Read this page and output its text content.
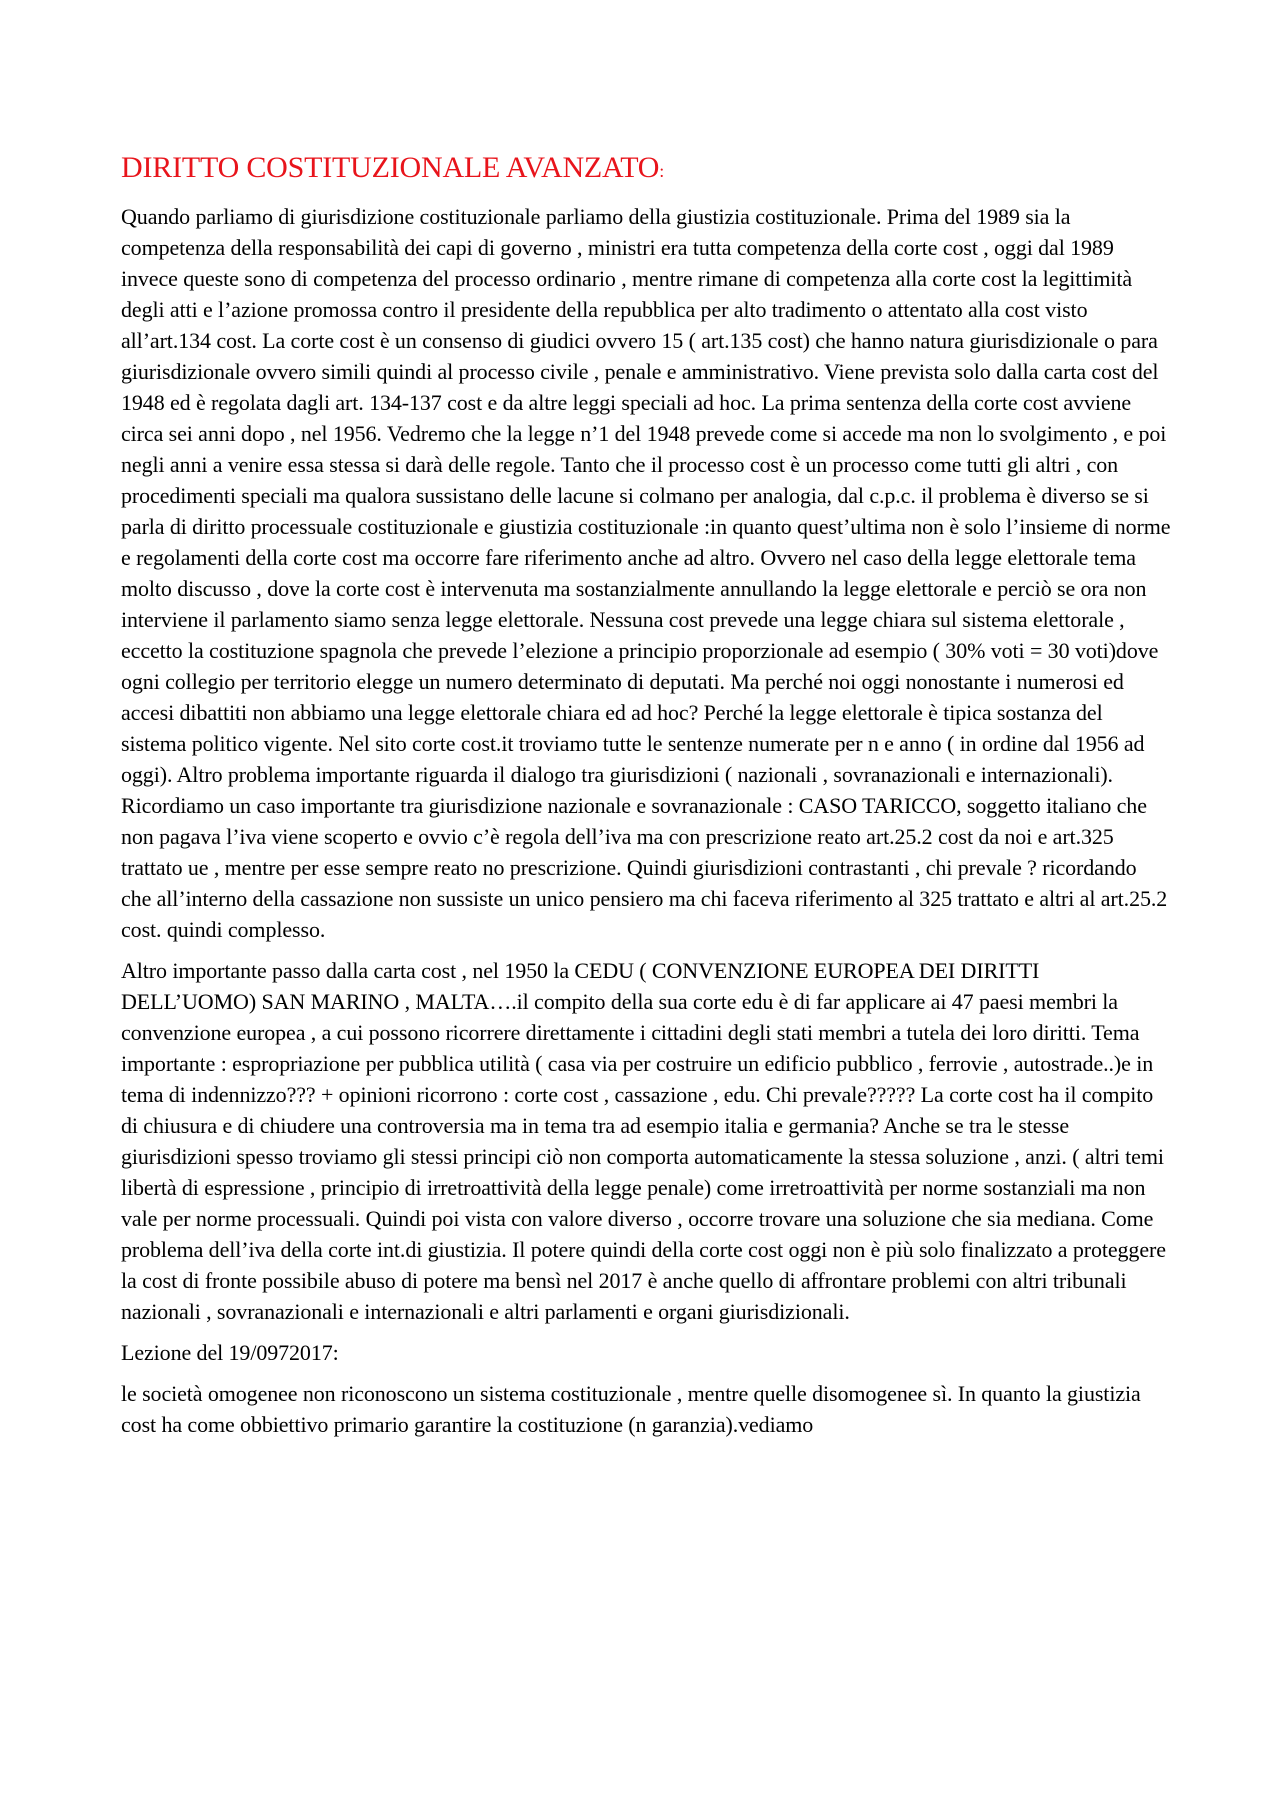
DIRITTO COSTITUZIONALE AVANZATO:

Quando parliamo di giurisdizione costituzionale parliamo della giustizia costituzionale. Prima del 1989 sia la competenza della responsabilità dei capi di governo , ministri era tutta competenza della corte cost , oggi dal 1989 invece queste sono di competenza del processo ordinario , mentre rimane di competenza alla corte cost la legittimità degli atti e l’azione promossa contro il presidente della repubblica per alto tradimento o attentato alla cost visto all’art.134 cost. La corte cost è un consenso di giudici ovvero 15 ( art.135 cost) che hanno natura giurisdizionale o para giurisdizionale ovvero simili quindi al processo civile , penale e amministrativo. Viene prevista solo dalla carta cost del 1948 ed è regolata dagli art. 134-137 cost e da altre leggi speciali ad hoc. La prima sentenza della corte cost avviene circa sei anni dopo , nel 1956. Vedremo che la legge n’1 del 1948 prevede come si accede ma non lo svolgimento , e poi negli anni a venire essa stessa si darà delle regole. Tanto che il processo cost è un processo come tutti gli altri , con procedimenti speciali ma qualora sussistano delle lacune si colmano per analogia, dal c.p.c. il problema è diverso se si parla di diritto processuale costituzionale e giustizia costituzionale :in quanto quest’ultima non è solo l’insieme di norme e regolamenti della corte cost ma occorre fare riferimento anche ad altro. Ovvero nel caso della legge elettorale tema molto discusso , dove la corte cost è intervenuta ma sostanzialmente annullando la legge elettorale e perciò se ora non interviene il parlamento siamo senza legge elettorale. Nessuna cost prevede una legge chiara sul sistema elettorale , eccetto la costituzione spagnola che prevede l’elezione a principio proporzionale ad esempio ( 30% voti = 30 voti)dove ogni collegio per territorio elegge un numero determinato di deputati. Ma perché noi oggi nonostante i numerosi ed accesi dibattiti non abbiamo una legge elettorale chiara ed ad hoc? Perché la legge elettorale è tipica sostanza del sistema politico vigente. Nel sito corte cost.it troviamo tutte le sentenze numerate per n e anno ( in ordine dal 1956 ad oggi). Altro problema importante riguarda il dialogo tra giurisdizioni ( nazionali , sovranazionali e internazionali). Ricordiamo un caso importante tra giurisdizione nazionale e sovranazionale : CASO TARICCO, soggetto italiano che non pagava l’iva viene scoperto e ovvio c’è regola dell’iva ma con prescrizione reato art.25.2 cost da noi e art.325 trattato ue , mentre per esse sempre reato no prescrizione. Quindi giurisdizioni contrastanti , chi prevale ? ricordando che all’interno della cassazione non sussiste un unico pensiero ma chi faceva riferimento al 325 trattato e altri al art.25.2 cost. quindi complesso.

Altro importante passo dalla carta cost , nel 1950 la CEDU ( CONVENZIONE EUROPEA DEI DIRITTI DELL’UOMO) SAN MARINO , MALTA….il compito della sua corte edu è di far applicare ai 47 paesi membri la convenzione europea , a cui possono ricorrere direttamente i cittadini degli stati membri a tutela dei loro diritti. Tema importante : espropriazione per pubblica utilità ( casa via per costruire un edificio pubblico , ferrovie , autostrade..)e in tema di indennizzo??? + opinioni ricorrono : corte cost , cassazione , edu. Chi prevale????? La corte cost ha il compito di chiusura e di chiudere una controversia ma in tema tra ad esempio italia e germania? Anche se tra le stesse giurisdizioni spesso troviamo gli stessi principi ciò non comporta automaticamente la stessa soluzione , anzi. ( altri temi libertà di espressione , principio di irretroattività della legge penale) come irretroattività per norme sostanziali ma non vale per norme processuali. Quindi poi vista con valore diverso , occorre trovare una soluzione che sia mediana. Come problema dell’iva della corte int.di giustizia. Il potere quindi della corte cost oggi non è più solo finalizzato a proteggere la cost di fronte possibile abuso di potere ma bensì nel 2017 è anche quello di affrontare problemi con altri tribunali nazionali , sovranazionali e internazionali e altri parlamenti e organi giurisdizionali.

Lezione del 19/0972017:

le società omogenee non riconoscono un sistema costituzionale , mentre quelle disomogenee sì. In quanto la giustizia cost ha come obbiettivo primario garantire la costituzione (n garanzia).vediamo
